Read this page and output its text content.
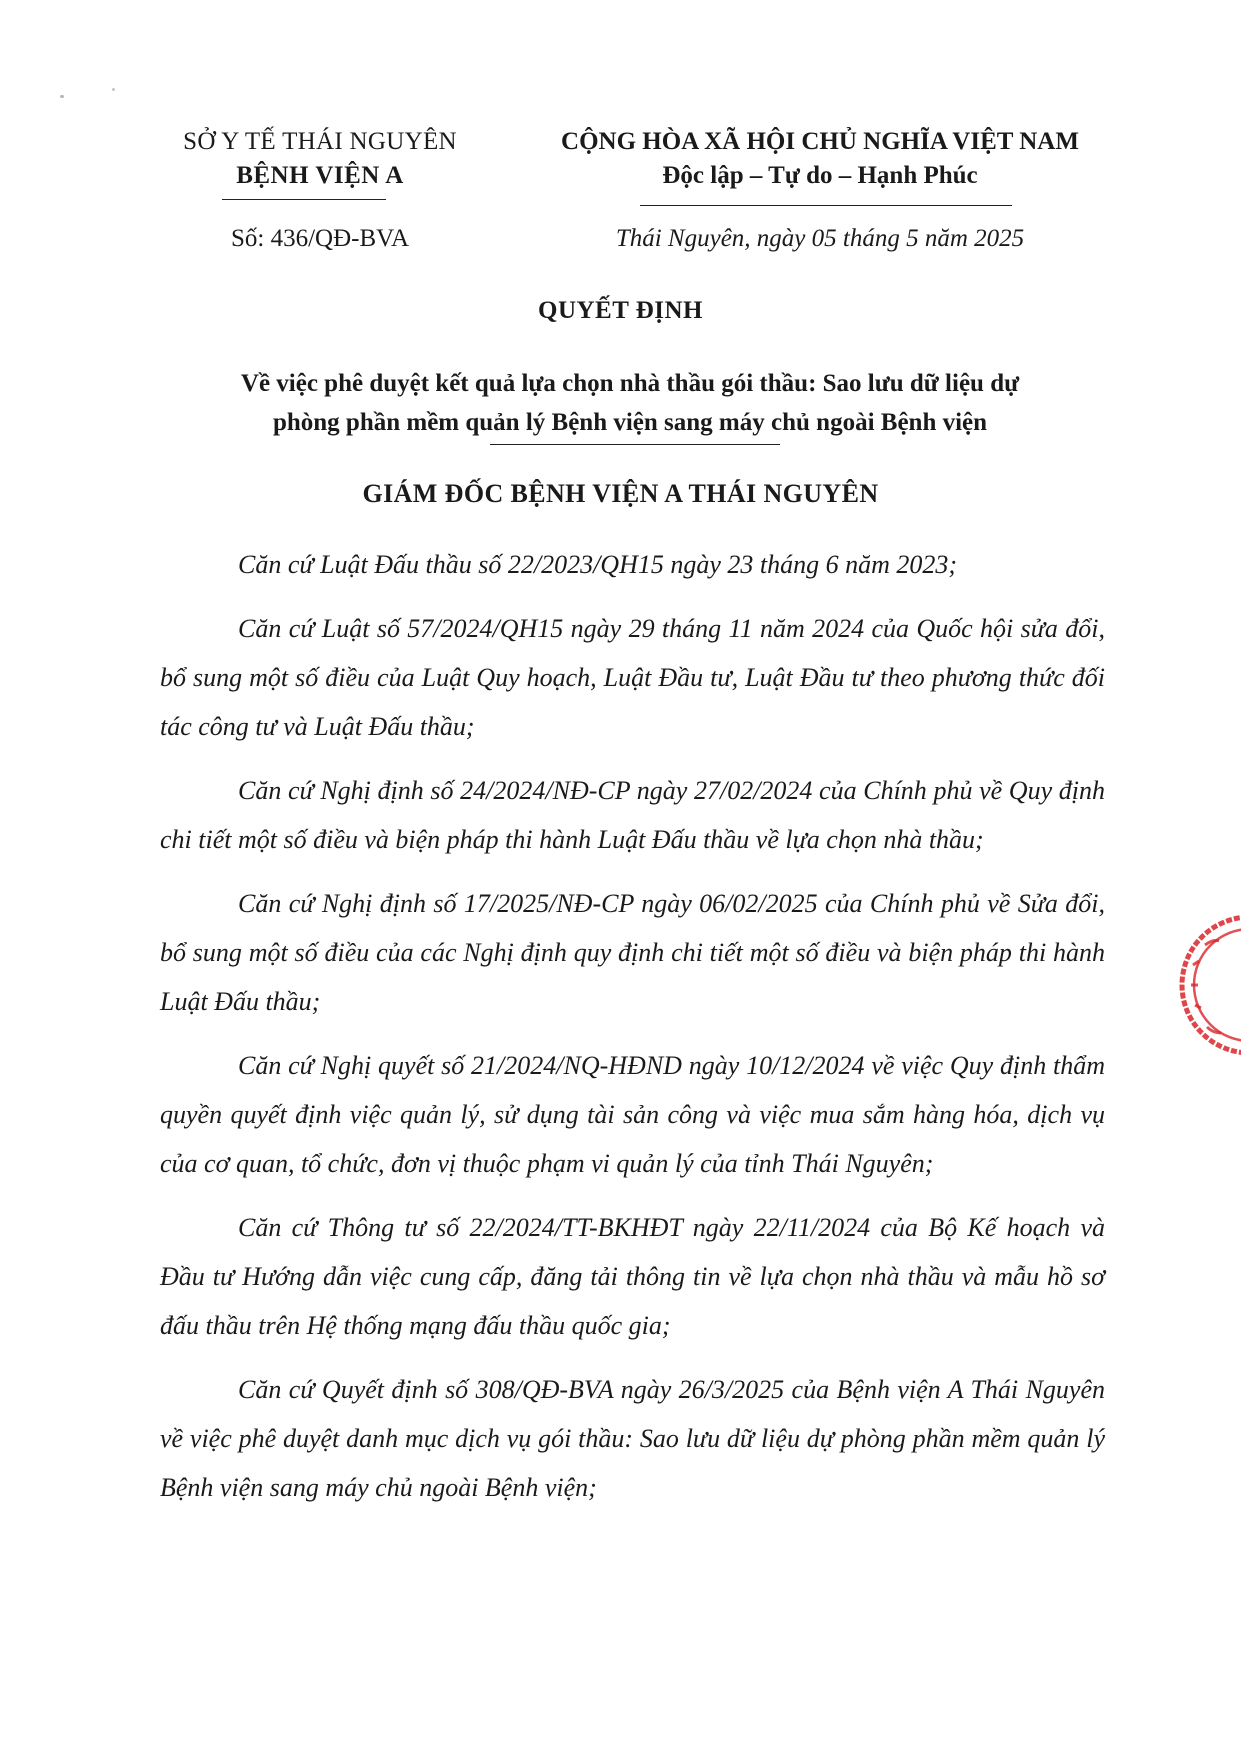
SỞ Y TẾ THÁI NGUYÊN
BỆNH VIỆN A
Số: 436/QĐ-BVA
CỘNG HÒA XÃ HỘI CHỦ NGHĨA VIỆT NAM
Độc lập – Tự do – Hạnh Phúc
Thái Nguyên, ngày 05 tháng 5 năm 2025
QUYẾT ĐỊNH
Về việc phê duyệt kết quả lựa chọn nhà thầu gói thầu: Sao lưu dữ liệu dự
phòng phần mềm quản lý Bệnh viện sang máy chủ ngoài Bệnh viện
GIÁM ĐỐC BỆNH VIỆN A THÁI NGUYÊN

Căn cứ Luật Đấu thầu số 22/2023/QH15 ngày 23 tháng 6 năm 2023;

Căn cứ Luật số 57/2024/QH15 ngày 29 tháng 11 năm 2024 của Quốc hội sửa đổi, bổ sung một số điều của Luật Quy hoạch, Luật Đầu tư, Luật Đầu tư theo phương thức đối tác công tư và Luật Đấu thầu;

Căn cứ Nghị định số 24/2024/NĐ-CP ngày 27/02/2024 của Chính phủ về Quy định chi tiết một số điều và biện pháp thi hành Luật Đấu thầu về lựa chọn nhà thầu;

Căn cứ Nghị định số 17/2025/NĐ-CP ngày 06/02/2025 của Chính phủ về Sửa đổi, bổ sung một số điều của các Nghị định quy định chi tiết một số điều và biện pháp thi hành Luật Đấu thầu;

Căn cứ Nghị quyết số 21/2024/NQ-HĐND ngày 10/12/2024 về việc Quy định thẩm quyền quyết định việc quản lý, sử dụng tài sản công và việc mua sắm hàng hóa, dịch vụ của cơ quan, tổ chức, đơn vị thuộc phạm vi quản lý của tỉnh Thái Nguyên;

Căn cứ Thông tư số 22/2024/TT-BKHĐT ngày 22/11/2024 của Bộ Kế hoạch và Đầu tư Hướng dẫn việc cung cấp, đăng tải thông tin về lựa chọn nhà thầu và mẫu hồ sơ đấu thầu trên Hệ thống mạng đấu thầu quốc gia;

Căn cứ Quyết định số 308/QĐ-BVA ngày 26/3/2025 của Bệnh viện A Thái Nguyên về việc phê duyệt danh mục dịch vụ gói thầu: Sao lưu dữ liệu dự phòng phần mềm quản lý Bệnh viện sang máy chủ ngoài Bệnh viện;
